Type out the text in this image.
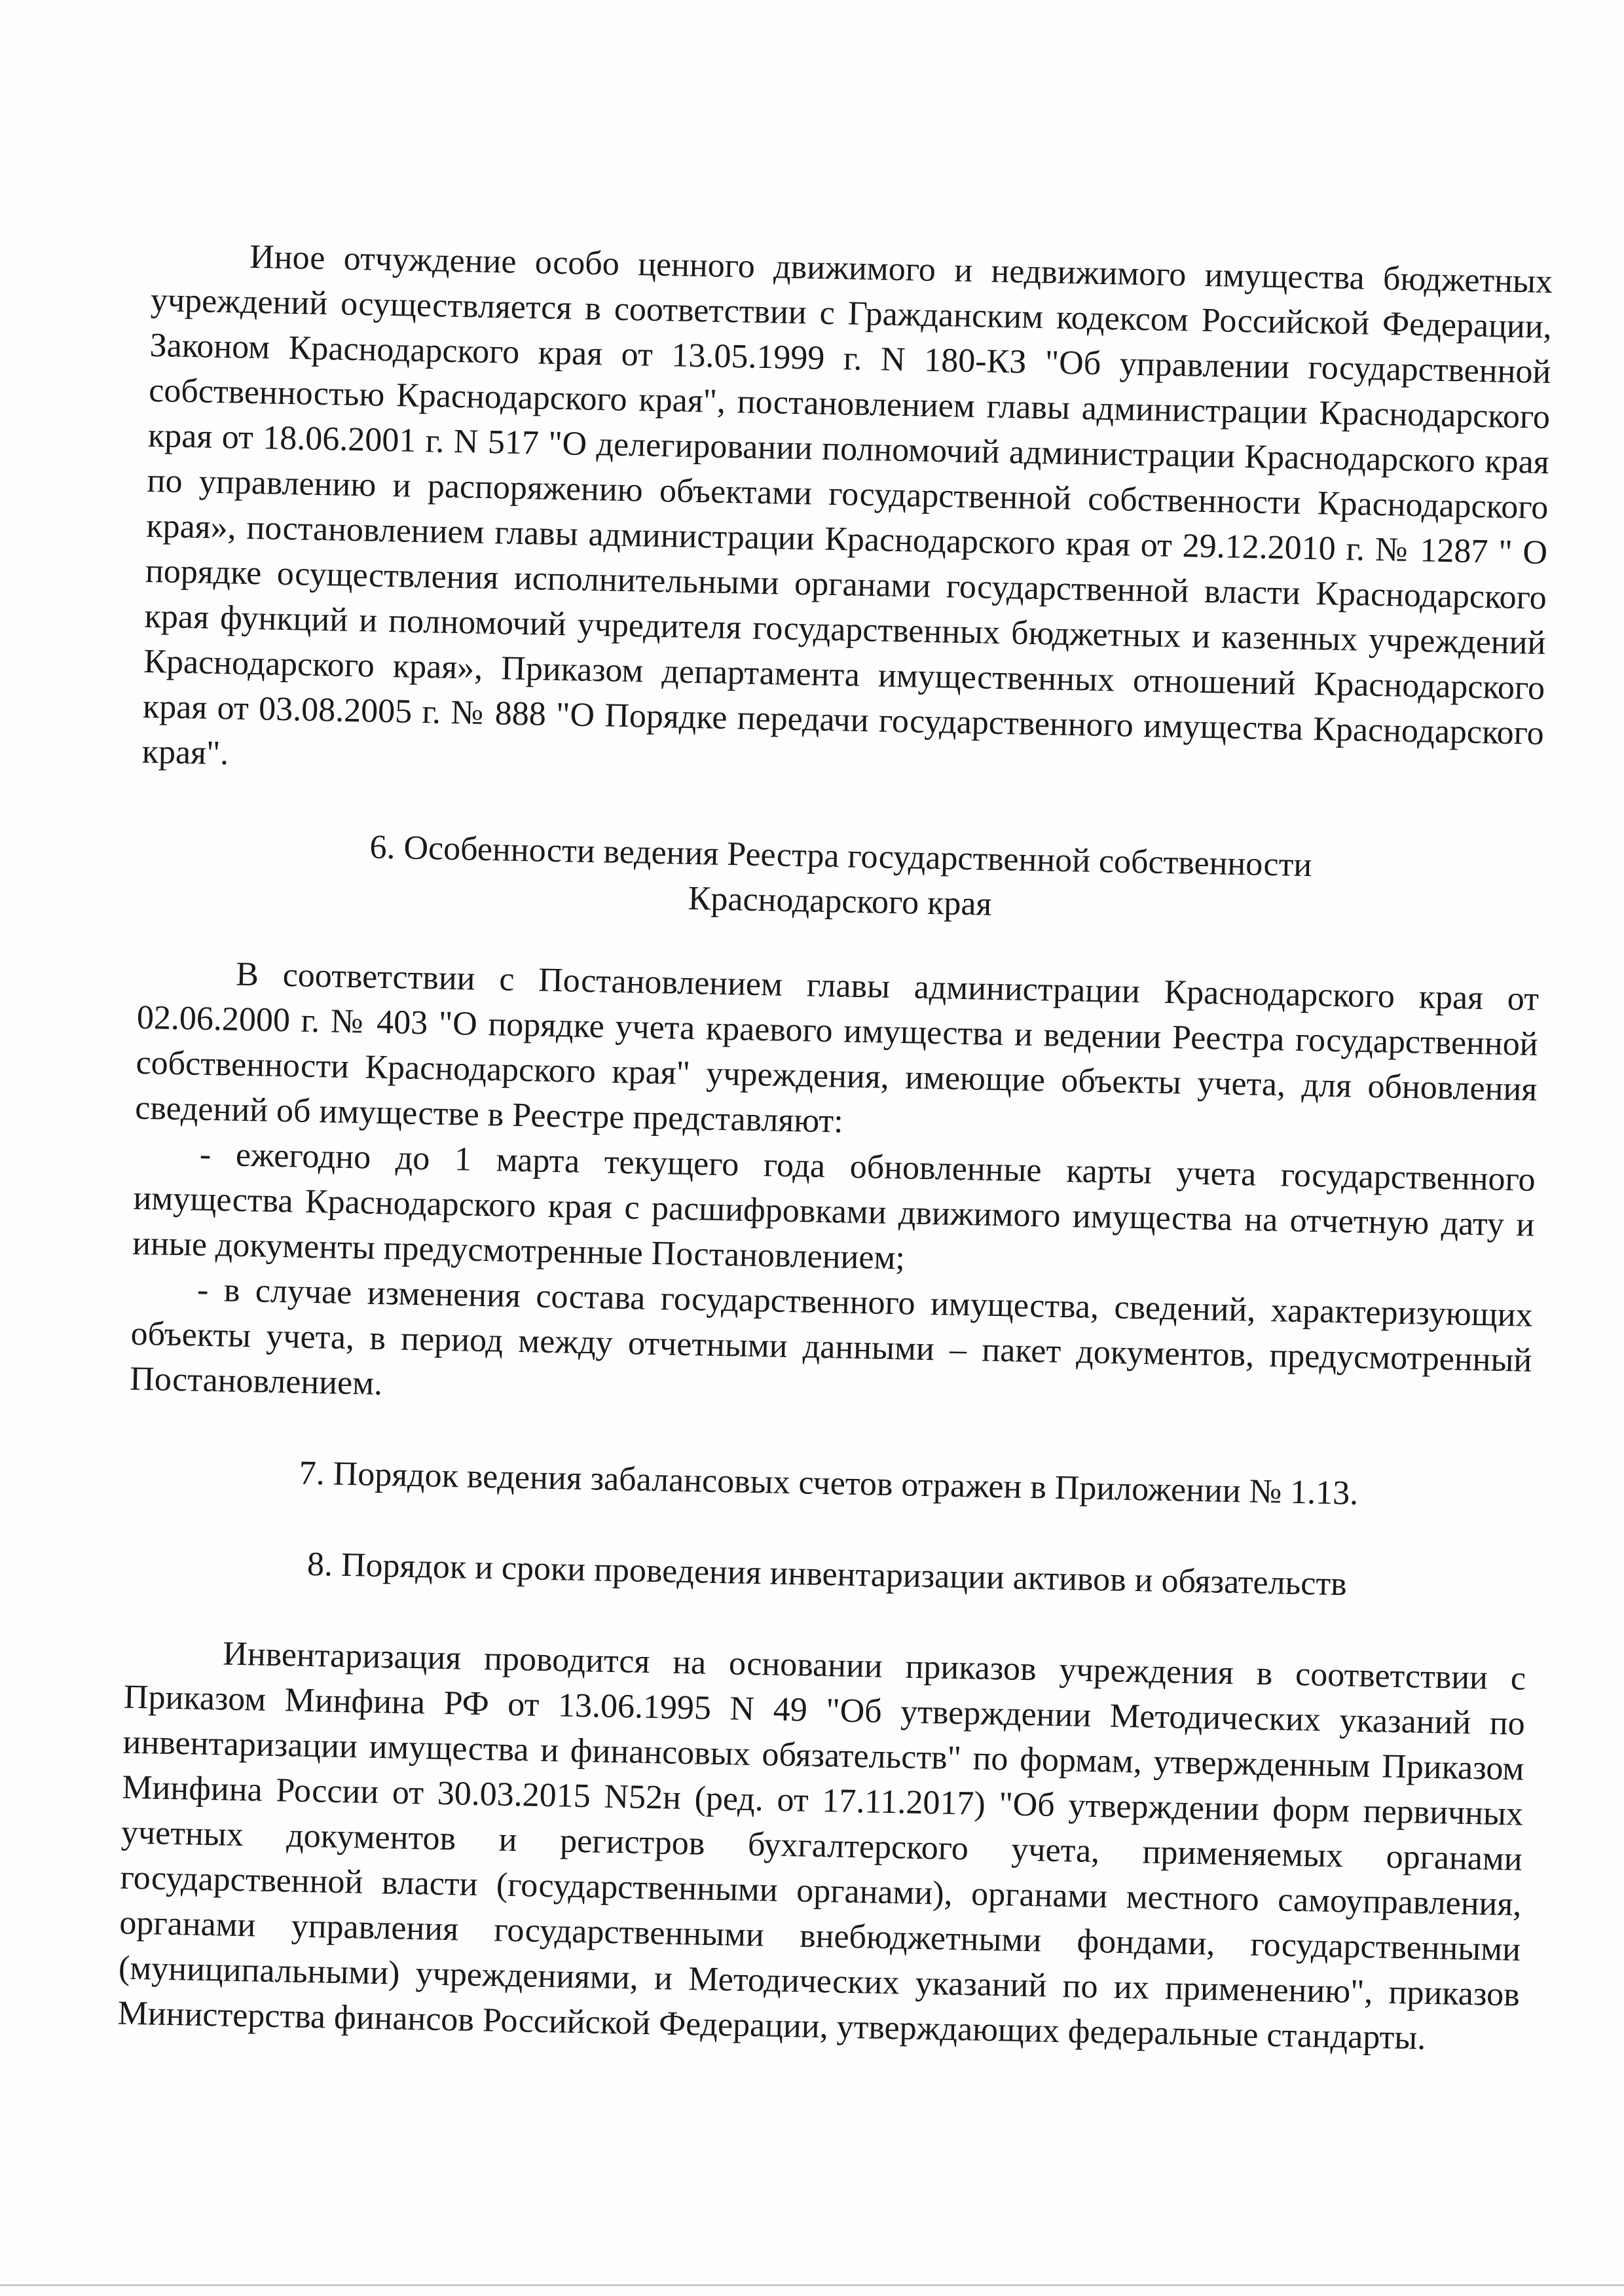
Иное отчуждение особо ценного движимого и недвижимого имущества бюджетных учреждений осуществляется в соответствии с Гражданским кодексом Российской Федерации, Законом Краснодарского края от 13.05.1999 г. N 180-КЗ "Об управлении государственной собственностью Краснодарского края", постановлением главы администрации Краснодарского края от 18.06.2001 г. N 517 "О делегировании полномочий администрации Краснодарского края по управлению и распоряжению объектами государственной собственности Краснодарского края», постановлением главы администрации Краснодарского края от 29.12.2010 г. № 1287 " О порядке осуществления исполнительными органами государственной власти Краснодарского края функций и полномочий учредителя государственных бюджетных и казенных учреждений Краснодарского края», Приказом департамента имущественных отношений Краснодарского края от 03.08.2005 г. № 888 "О Порядке передачи государственного имущества Краснодарского края".

6. Особенности ведения Реестра государственной собственности

Краснодарского края

В соответствии с Постановлением главы администрации Краснодарского края от 02.06.2000 г. № 403 "О порядке учета краевого имущества и ведении Реестра государственной собственности Краснодарского края" учреждения, имеющие объекты учета, для обновления сведений об имуществе в Реестре представляют:

- ежегодно до 1 марта текущего года обновленные карты учета государственного имущества Краснодарского края с расшифровками движимого имущества на отчетную дату и иные документы предусмотренные Постановлением;

- в случае изменения состава государственного имущества, сведений, характеризующих объекты учета, в период между отчетными данными – пакет документов, предусмотренный Постановлением.

7. Порядок ведения забалансовых счетов отражен в Приложении № 1.13.

8. Порядок и сроки проведения инвентаризации активов и обязательств

Инвентаризация проводится на основании приказов учреждения в соответствии с Приказом Минфина РФ от 13.06.1995 N 49 "Об утверждении Методических указаний по инвентаризации имущества и финансовых обязательств" по формам, утвержденным Приказом Минфина России от 30.03.2015 N52н (ред. от 17.11.2017) "Об утверждении форм первичных учетных документов и регистров бухгалтерского учета, применяемых органами государственной власти (государственными органами), органами местного самоуправления, органами управления государственными внебюджетными фондами, государственными (муниципальными) учреждениями, и Методических указаний по их применению", приказов Министерства финансов Российской Федерации, утверждающих федеральные стандарты.
